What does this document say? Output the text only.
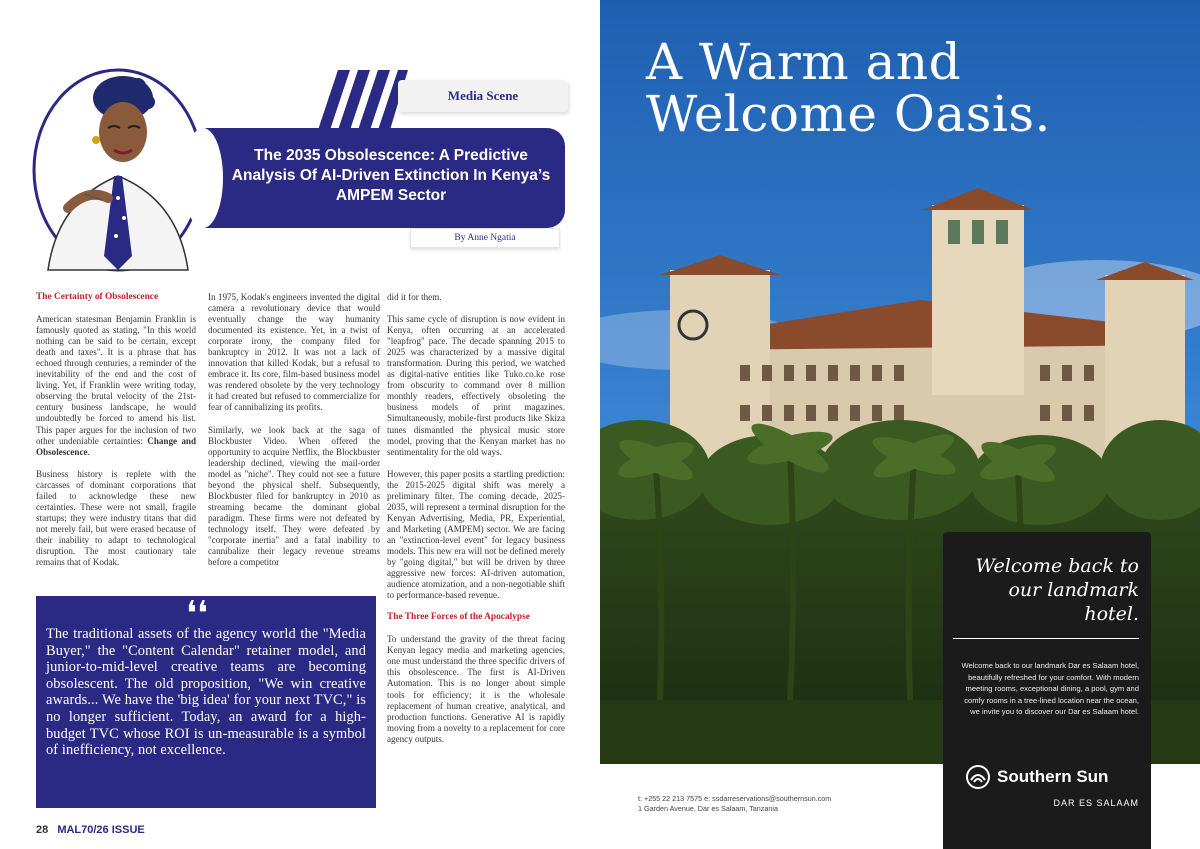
Media Scene
The 2035 Obsolescence: A Predictive Analysis Of AI-Driven Extinction In Kenya’s AMPEM Sector
By Anne Ngatia

The Certainty of Obsolescence

American statesman Benjamin Franklin is famously quoted as stating, "In this world nothing can be said to be certain, except death and taxes". It is a phrase that has echoed through centuries, a reminder of the inevitability of the end and the cost of living. Yet, if Franklin were writing today, observing the brutal velocity of the 21st-century business landscape, he would undoubtedly be forced to amend his list. This paper argues for the inclusion of two other undeniable certainties: Change and Obsolescence.

Business history is replete with the carcasses of dominant corporations that failed to acknowledge these new certainties. These were not small, fragile startups; they were industry titans that did not merely fail, but were erased because of their inability to adapt to technological disruption. The most cautionary tale remains that of Kodak.

In 1975, Kodak's engineers invented the digital camera a revolutionary device that would eventually change the way humanity documented its existence. Yet, in a twist of corporate irony, the company filed for bankruptcy in 2012. It was not a lack of innovation that killed Kodak, but a refusal to embrace it. Its core, film-based business model was rendered obsolete by the very technology it had created but refused to commercialize for fear of cannibalizing its profits.

Similarly, we look back at the saga of Blockbuster Video. When offered the opportunity to acquire Netflix, the Blockbuster leadership declined, viewing the mail-order model as "niche". They could not see a future beyond the physical shelf. Subsequently, Blockbuster filed for bankruptcy in 2010 as streaming became the dominant global paradigm. These firms were not defeated by technology itself. They were defeated by "corporate inertia" and a fatal inability to cannibalize their legacy revenue streams before a competitor

did it for them.

This same cycle of disruption is now evident in Kenya, often occurring at an accelerated "leapfrog" pace. The decade spanning 2015 to 2025 was characterized by a massive digital transformation. During this period, we watched as digital-native entities like Tuko.co.ke rose from obscurity to command over 8 million monthly readers, effectively obsoleting the business models of print magazines. Simultaneously, mobile-first products like Skiza tunes dismantled the physical music store model, proving that the Kenyan market has no sentimentality for the old ways.

However, this paper posits a startling prediction: the 2015-2025 digital shift was merely a preliminary filter. The coming decade, 2025-2035, will represent a terminal disruption for the Kenyan Advertising, Media, PR, Experiential, and Marketing (AMPEM) sector. We are facing an "extinction-level event" for legacy business models. This new era will not be defined merely by "going digital," but will be driven by three aggressive new forces: AI-driven automation, audience atomization, and a non-negotiable shift to performance-based revenue.

The Three Forces of the Apocalypse

To understand the gravity of the threat facing Kenyan legacy media and marketing agencies, one must understand the three specific drivers of this obsolescence. The first is AI-Driven Automation. This is no longer about simple tools for efficiency; it is the wholesale replacement of human creative, analytical, and production functions. Generative AI is rapidly moving from a novelty to a replacement for core agency outputs.

❛❛

The traditional assets of the agency world the "Media Buyer," the "Content Calendar" retainer model, and junior-to-mid-level creative teams are becoming obsolescent. The old proposition, "We win creative awards... We have the 'big idea' for your next TVC," is no longer sufficient. Today, an award for a high-budget TVC whose ROI is un-measurable is a symbol of inefficiency, not excellence.

28 MAL70/26 ISSUE
A Warm and
Welcome Oasis.
Welcome back to our landmark hotel.
Welcome back to our landmark Dar es Salaam hotel, beautifully refreshed for your comfort. With modern meeting rooms, exceptional dining, a pool, gym and comfy rooms in a tree-lined location near the ocean, we invite you to discover our Dar es Salaam hotel.
Southern Sun
DAR ES SALAAM
t: +255 22 213 7575 e: ssdarreservations@southernsun.com
1 Garden Avenue, Dar es Salaam, Tanzania
